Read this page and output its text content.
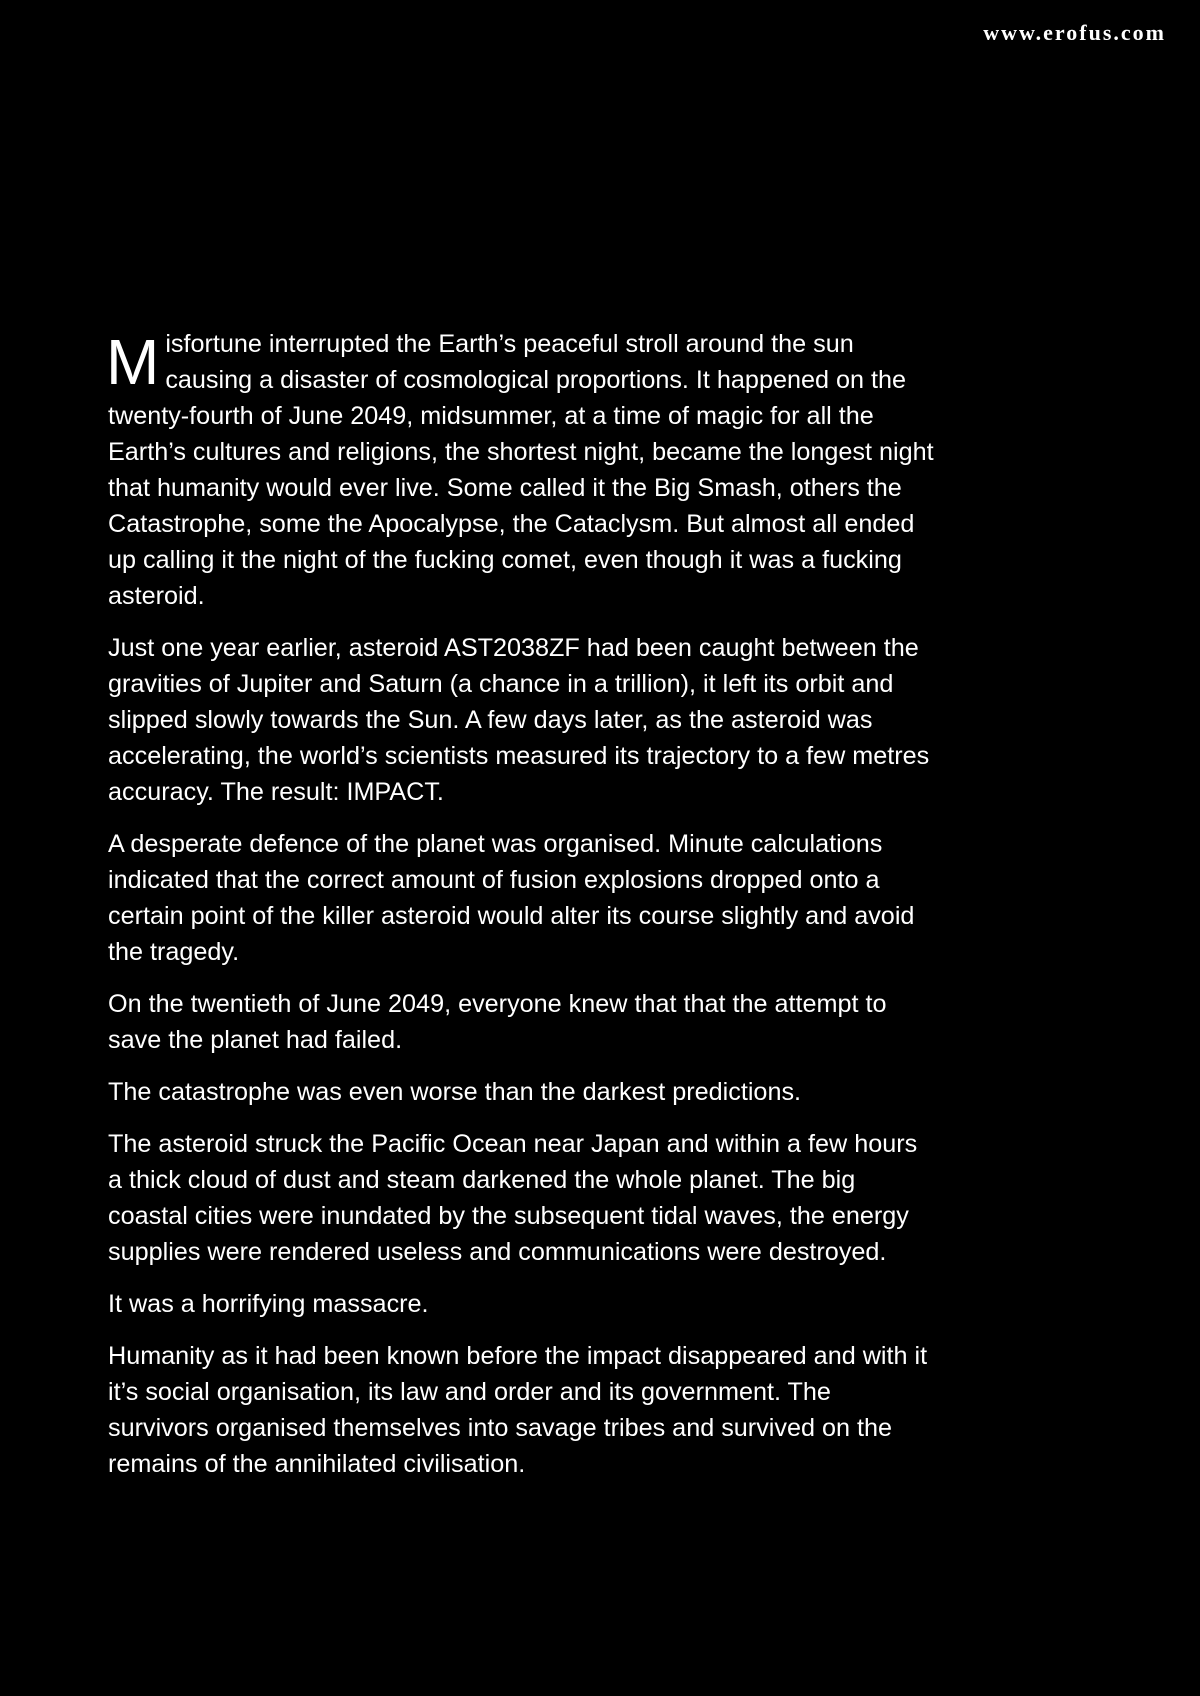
www.erofus.com

Misfortune interrupted the Earth’s peaceful stroll around the sun causing a disaster of cosmological proportions. It happened on the twenty-fourth of June 2049, midsummer, at a time of magic for all the Earth’s cultures and religions, the shortest night, became the longest night that humanity would ever live. Some called it the Big Smash, others the Catastrophe, some the Apocalypse, the Cataclysm. But almost all ended up calling it the night of the fucking comet, even though it was a fucking asteroid.

Just one year earlier, asteroid AST2038ZF had been caught between the gravities of Jupiter and Saturn (a chance in a trillion), it left its orbit and slipped slowly towards the Sun. A few days later, as the asteroid was accelerating, the world’s scientists measured its trajectory to a few metres accuracy. The result: IMPACT.

A desperate defence of the planet was organised. Minute calculations indicated that the correct amount of fusion explosions dropped onto a certain point of the killer asteroid would alter its course slightly and avoid the tragedy.

On the twentieth of June 2049, everyone knew that that the attempt to save the planet had failed.

The catastrophe was even worse than the darkest predictions.

The asteroid struck the Pacific Ocean near Japan and within a few hours a thick cloud of dust and steam darkened the whole planet. The big coastal cities were inundated by the subsequent tidal waves, the energy supplies were rendered useless and communications were destroyed.

It was a horrifying massacre.

Humanity as it had been known before the impact disappeared and with it it’s social organisation, its law and order and its government. The survivors organised themselves into savage tribes and survived on the remains of the annihilated civilisation.
